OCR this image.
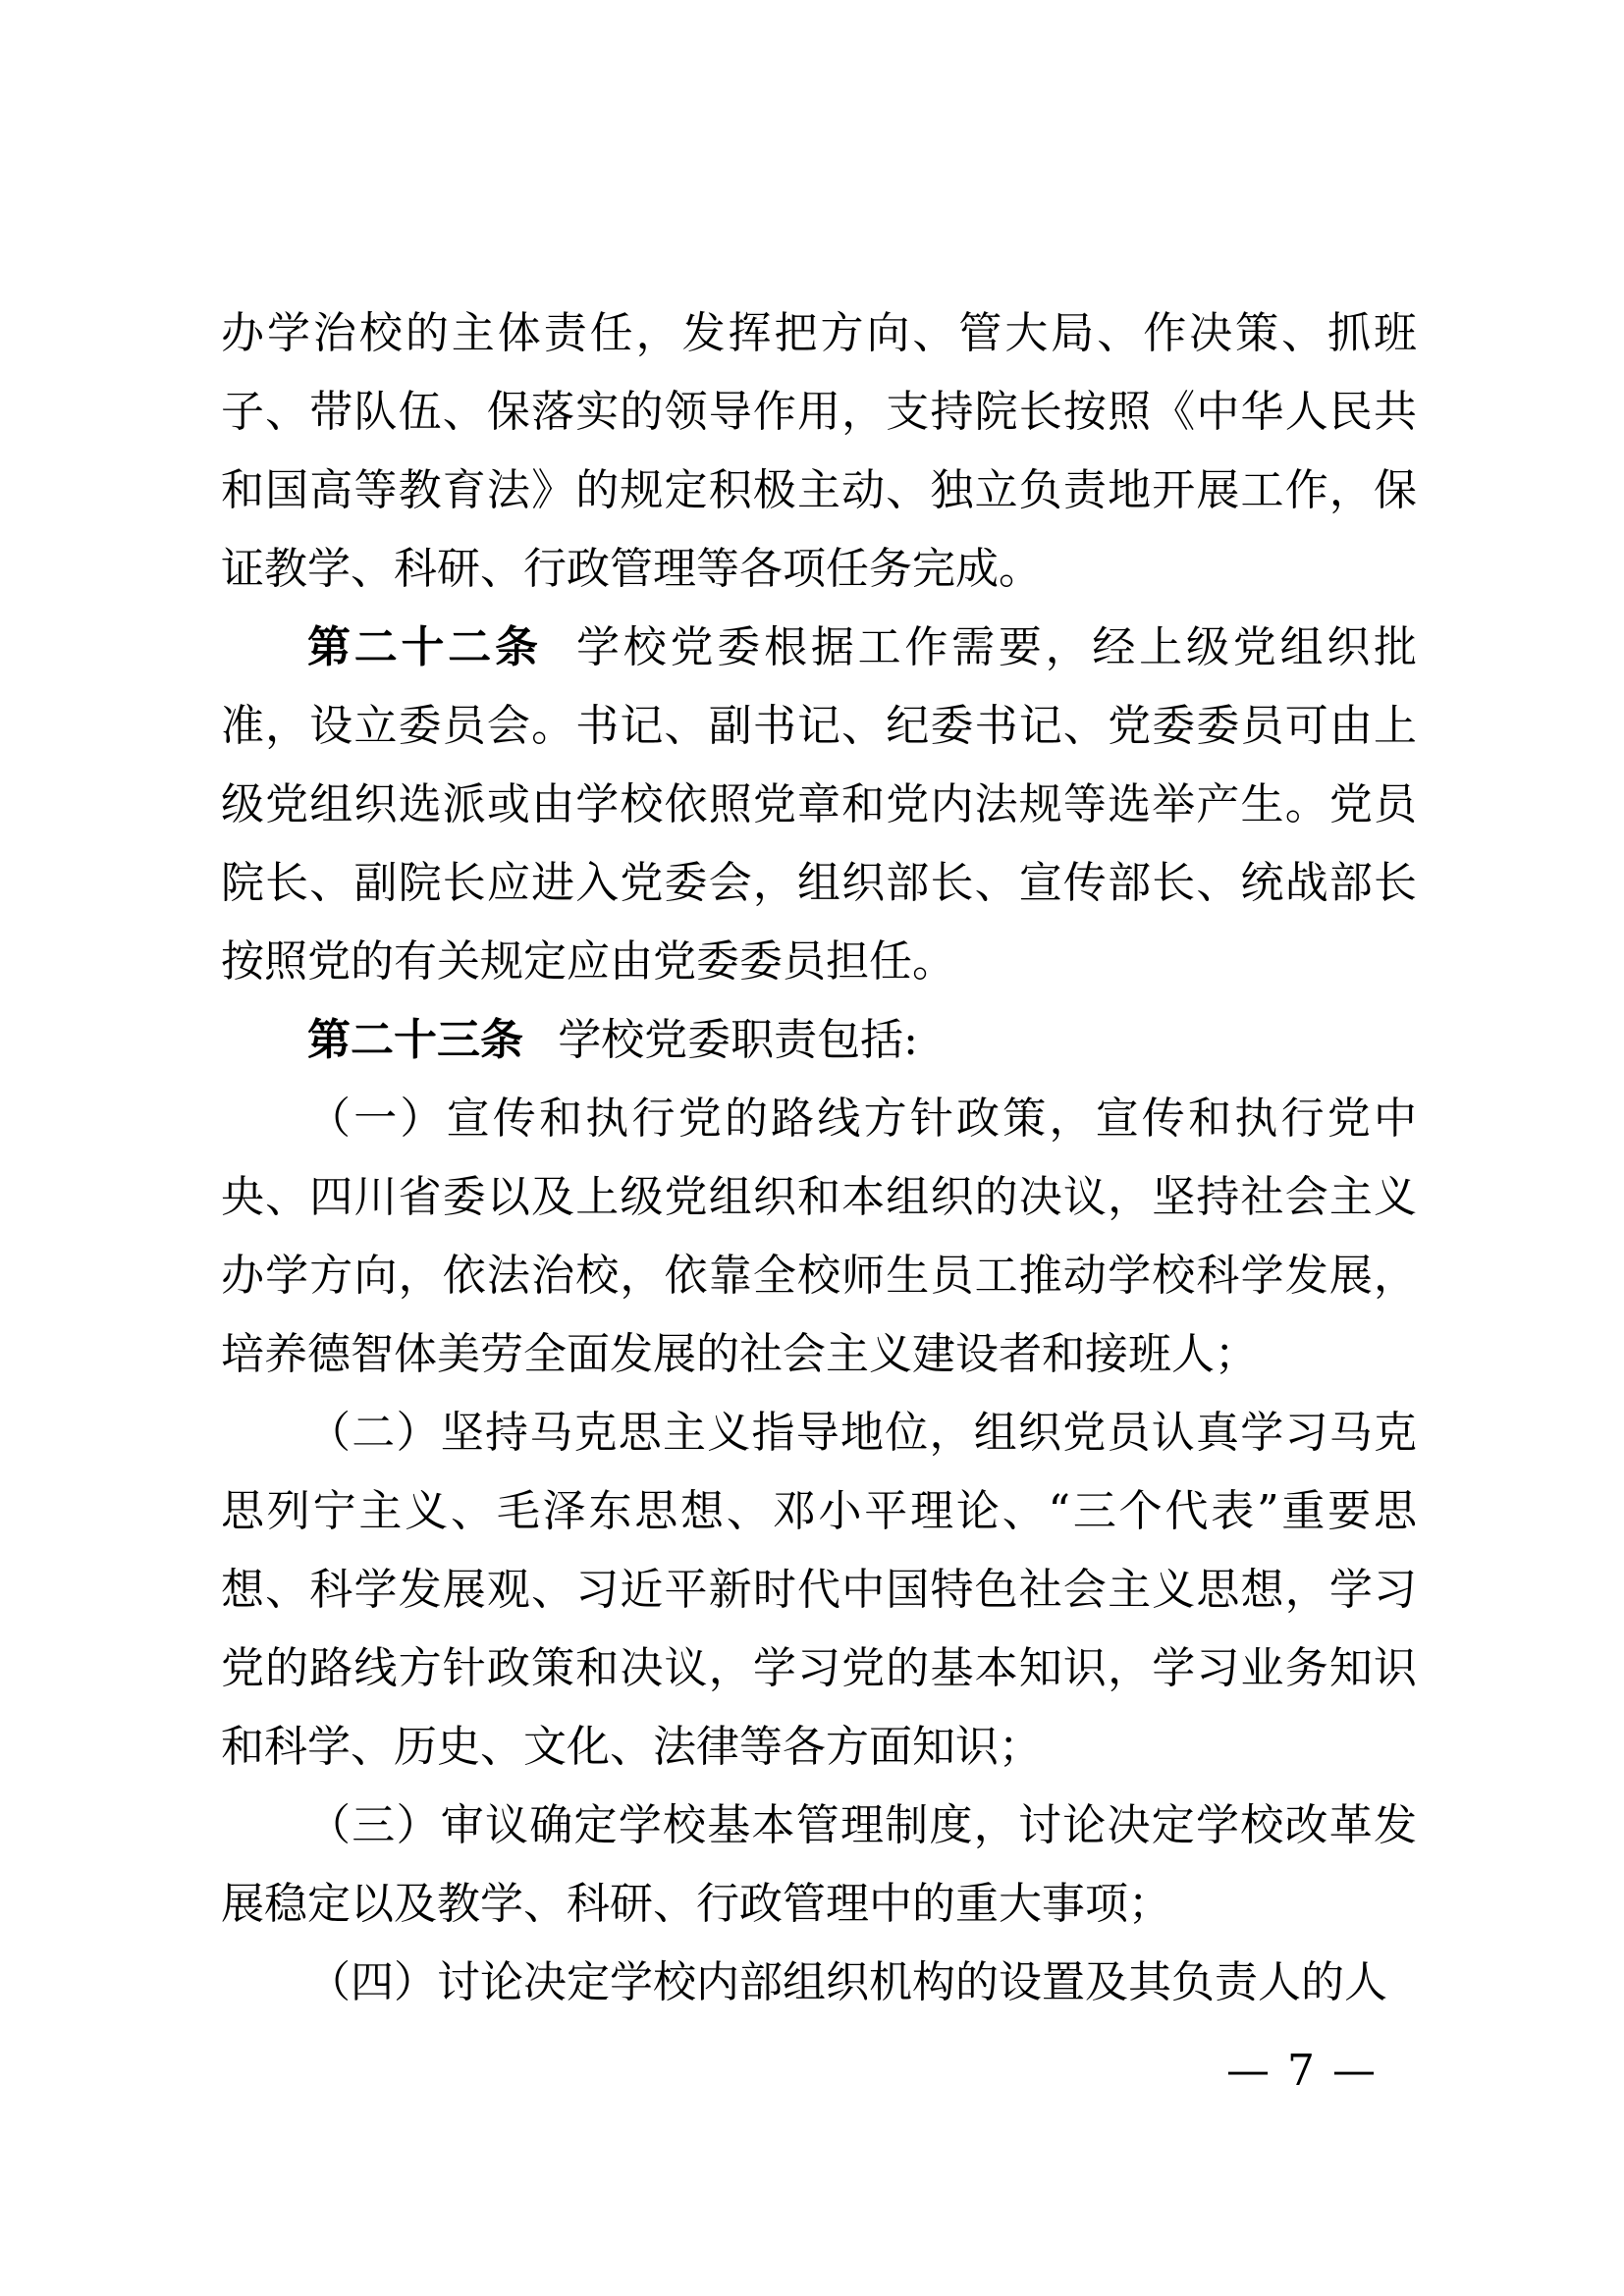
办学治校的主体责任，发挥把方向、管大局、作决策、抓班子、带队伍、保落实的领导作用，支持院长按照《中华人民共和国高等教育法》的规定积极主动、独立负责地开展工作，保证教学、科研、行政管理等各项任务完成。

第二十二条 学校党委根据工作需要，经上级党组织批准，设立委员会。书记、副书记、纪委书记、党委委员可由上级党组织选派或由学校依照党章和党内法规等选举产生。党员院长、副院长应进入党委会，组织部长、宣传部长、统战部长按照党的有关规定应由党委委员担任。

第二十三条 学校党委职责包括:

（一）宣传和执行党的路线方针政策，宣传和执行党中央、四川省委以及上级党组织和本组织的决议，坚持社会主义办学方向，依法治校，依靠全校师生员工推动学校科学发展，培养德智体美劳全面发展的社会主义建设者和接班人；

（二）坚持马克思主义指导地位，组织党员认真学习马克思列宁主义、毛泽东思想、邓小平理论、“三个代表”重要思想、科学发展观、习近平新时代中国特色社会主义思想，学习党的路线方针政策和决议，学习党的基本知识，学习业务知识和科学、历史、文化、法律等各方面知识；

（三）审议确定学校基本管理制度，讨论决定学校改革发展稳定以及教学、科研、行政管理中的重大事项；

（四）讨论决定学校内部组织机构的设置及其负责人的人

— 7 —
